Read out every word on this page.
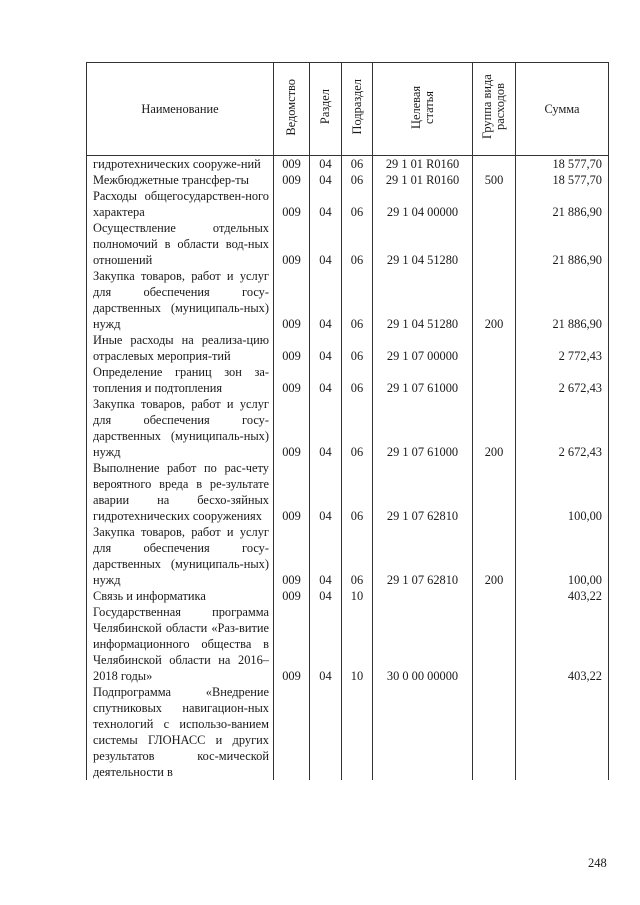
Наименование	Ведомство	Раздел	Подраздел	Целевая статья	Группа вида расходов	Сумма
гидротехнических сооруже-ний	009	04	06	29 1 01 R0160		18 577,70
Межбюджетные трансфер-ты	009	04	06	29 1 01 R0160	500	18 577,70
Расходы общегосударствен-ного характера	009	04	06	29 1 04 00000		21 886,90
Осуществление отдельных полномочий в области вод-ных отношений	009	04	06	29 1 04 51280		21 886,90
Закупка товаров, работ и услуг для обеспечения госу-дарственных (муниципаль-ных) нужд	009	04	06	29 1 04 51280	200	21 886,90
Иные расходы на реализа-цию отраслевых мероприя-тий	009	04	06	29 1 07 00000		2 772,43
Определение границ зон за-топления и подтопления	009	04	06	29 1 07 61000		2 672,43
Закупка товаров, работ и услуг для обеспечения госу-дарственных (муниципаль-ных) нужд	009	04	06	29 1 07 61000	200	2 672,43
Выполнение работ по рас-чету вероятного вреда в ре-зультате аварии на бесхо-зяйных гидротехнических сооружениях	009	04	06	29 1 07 62810		100,00
Закупка товаров, работ и услуг для обеспечения госу-дарственных (муниципаль-ных) нужд	009	04	06	29 1 07 62810	200	100,00
Связь и информатика	009	04	10			403,22
Государственная программа Челябинской области «Раз-витие информационного общества в Челябинской области на 2016–2018 годы»	009	04	10	30 0 00 00000		403,22
Подпрограмма «Внедрение спутниковых навигацион-ных технологий с использо-ванием системы ГЛОНАСС и других результатов кос-мической деятельности в						
248
